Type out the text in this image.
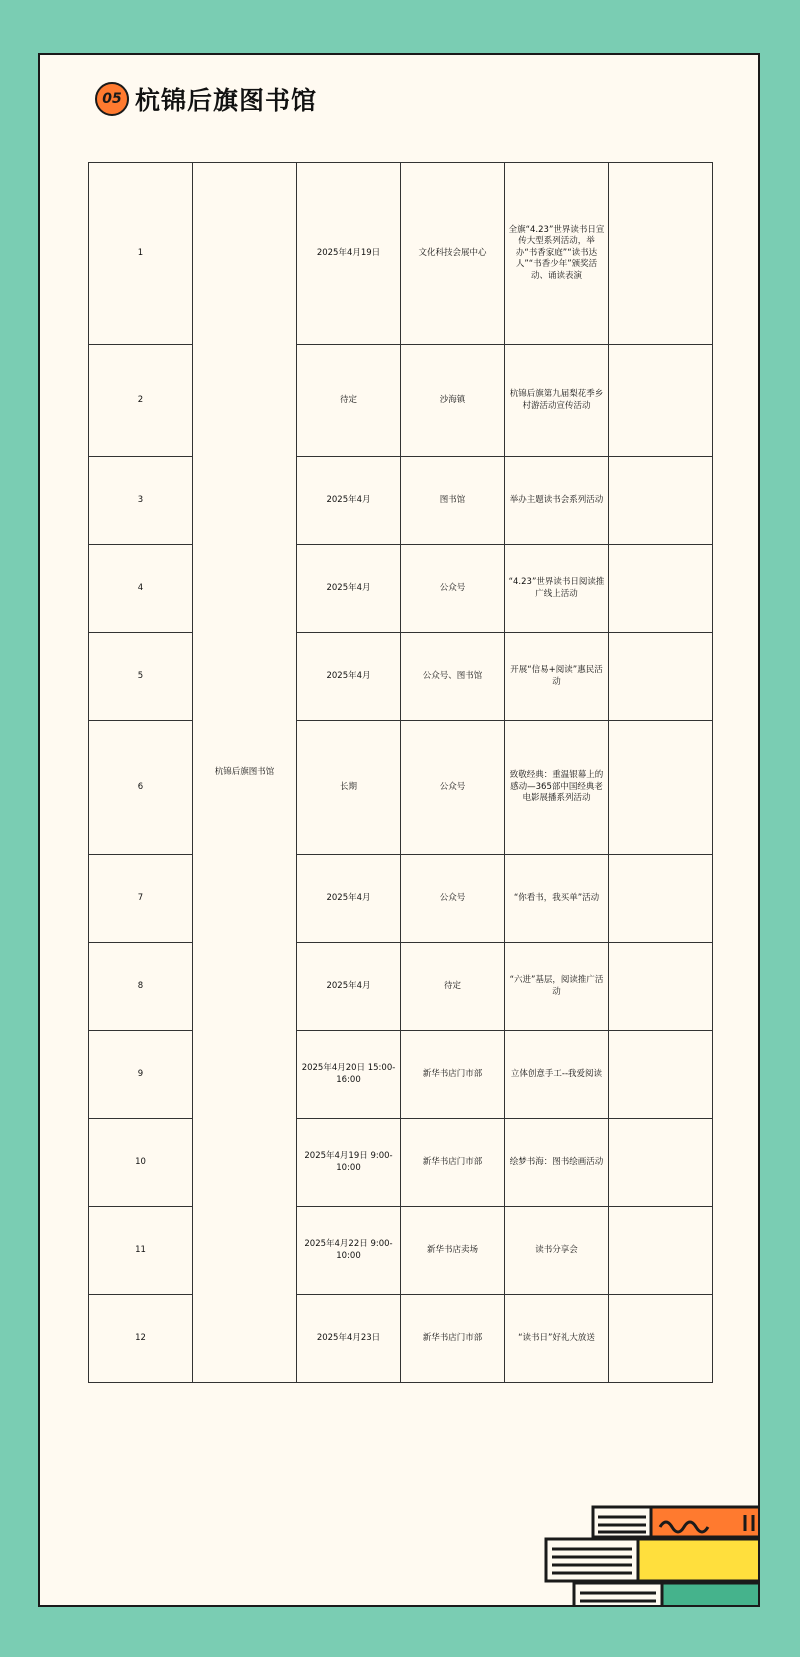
05 杭锦后旗图书馆
1	杭锦后旗图书馆	2025年4月19日	文化科技会展中心	全旗“4.23”世界读书日宣传大型系列活动，举办“书香家庭”“读书达人”“书香少年”颁奖活动、诵读表演	
2		待定	沙海镇	杭锦后旗第九届梨花季乡村游活动宣传活动	
3		2025年4月	图书馆	举办主题读书会系列活动	
4		2025年4月	公众号	“4.23”世界读书日阅读推广线上活动	
5		2025年4月	公众号、图书馆	开展“信易+阅读”惠民活动	
6		长期	公众号	致敬经典：重温银幕上的感动—365部中国经典老电影展播系列活动	
7		2025年4月	公众号	“你看书，我买单”活动	
8		2025年4月	待定	“六进”基层，阅读推广活动	
9		2025年4月20日 15:00-16:00	新华书店门市部	立体创意手工--我爱阅读	
10		2025年4月19日 9:00-10:00	新华书店门市部	绘梦书海：图书绘画活动	
11		2025年4月22日 9:00-10:00	新华书店卖场	读书分享会	
12		2025年4月23日	新华书店门市部	“读书日”好礼大放送	
